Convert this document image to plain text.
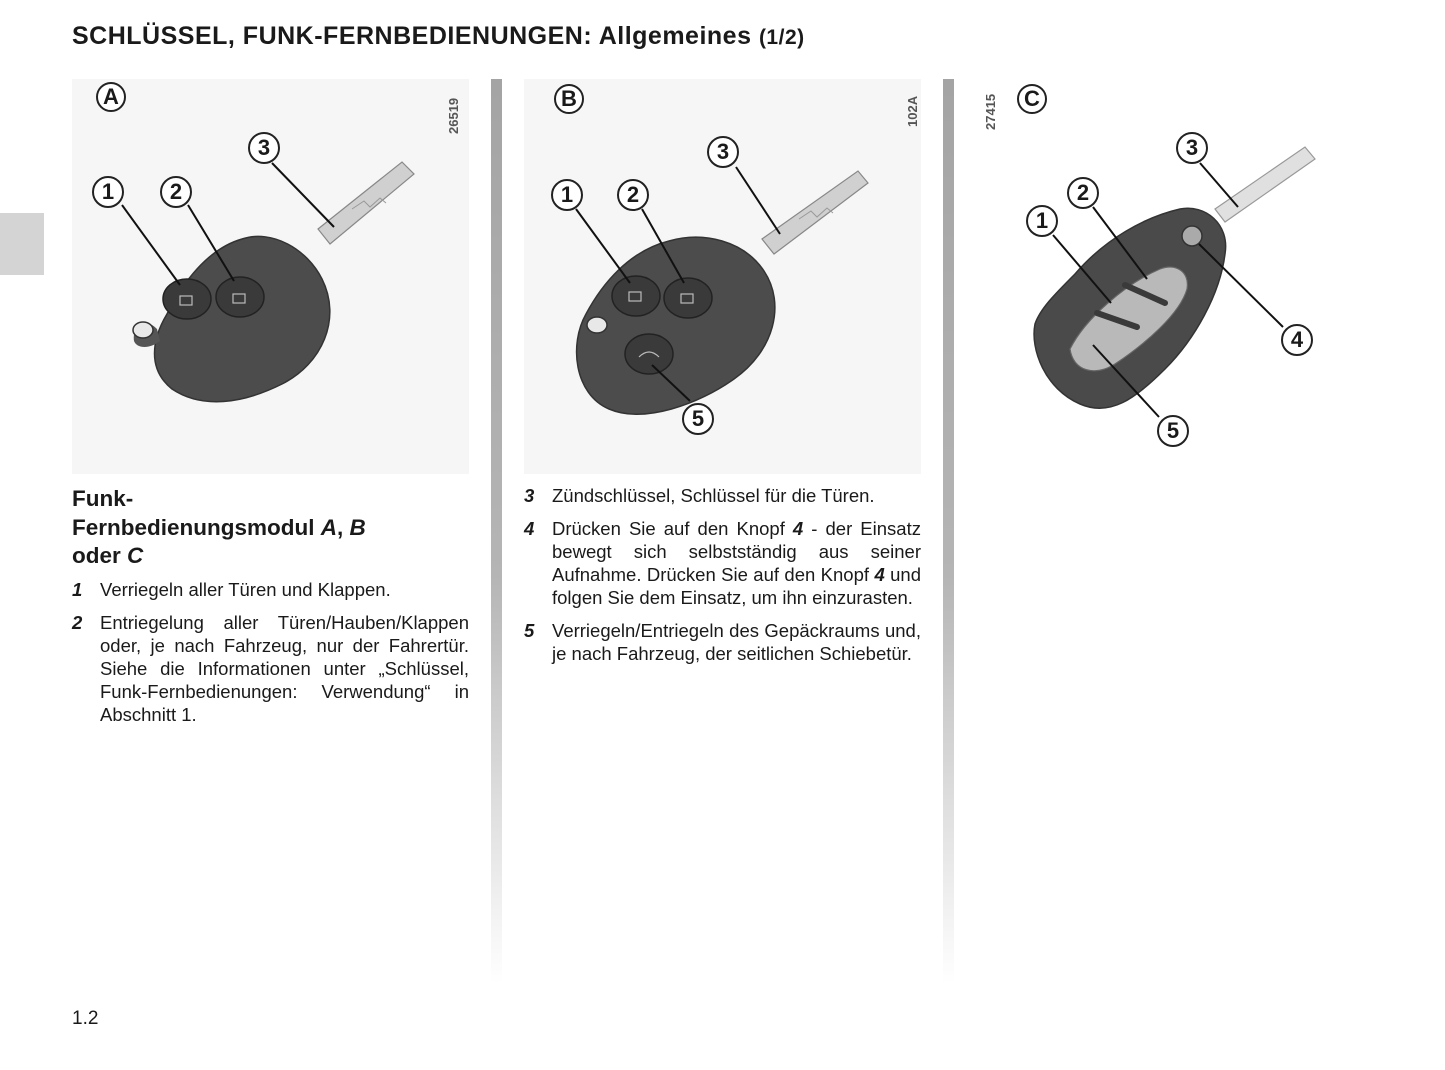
SCHLÜSSEL, FUNK-FERNBEDIENUNGEN: Allgemeines (1/2)
A
26519
1	2
3
B	102A
1	2
3
5
27415	C
1
2
3
4
5
Funk-
Fernbedienungsmodul A, B
oder C
1 Verriegeln aller Türen und Klappen.
2 Entriegelung aller Türen/Hauben/Klappen oder, je nach Fahrzeug, nur der Fahrertür. Siehe die Informationen unter „Schlüssel, Funk-Fernbedienungen: Verwendung“ in Abschnitt 1.
3 Zündschlüssel, Schlüssel für die Türen.
4 Drücken Sie auf den Knopf 4 - der Einsatz bewegt sich selbstständig aus seiner Aufnahme. Drücken Sie auf den Knopf 4 und folgen Sie dem Einsatz, um ihn einzurasten.
5 Verriegeln/Entriegeln des Gepäckraums und, je nach Fahrzeug, der seitlichen Schiebetür.
1.2
